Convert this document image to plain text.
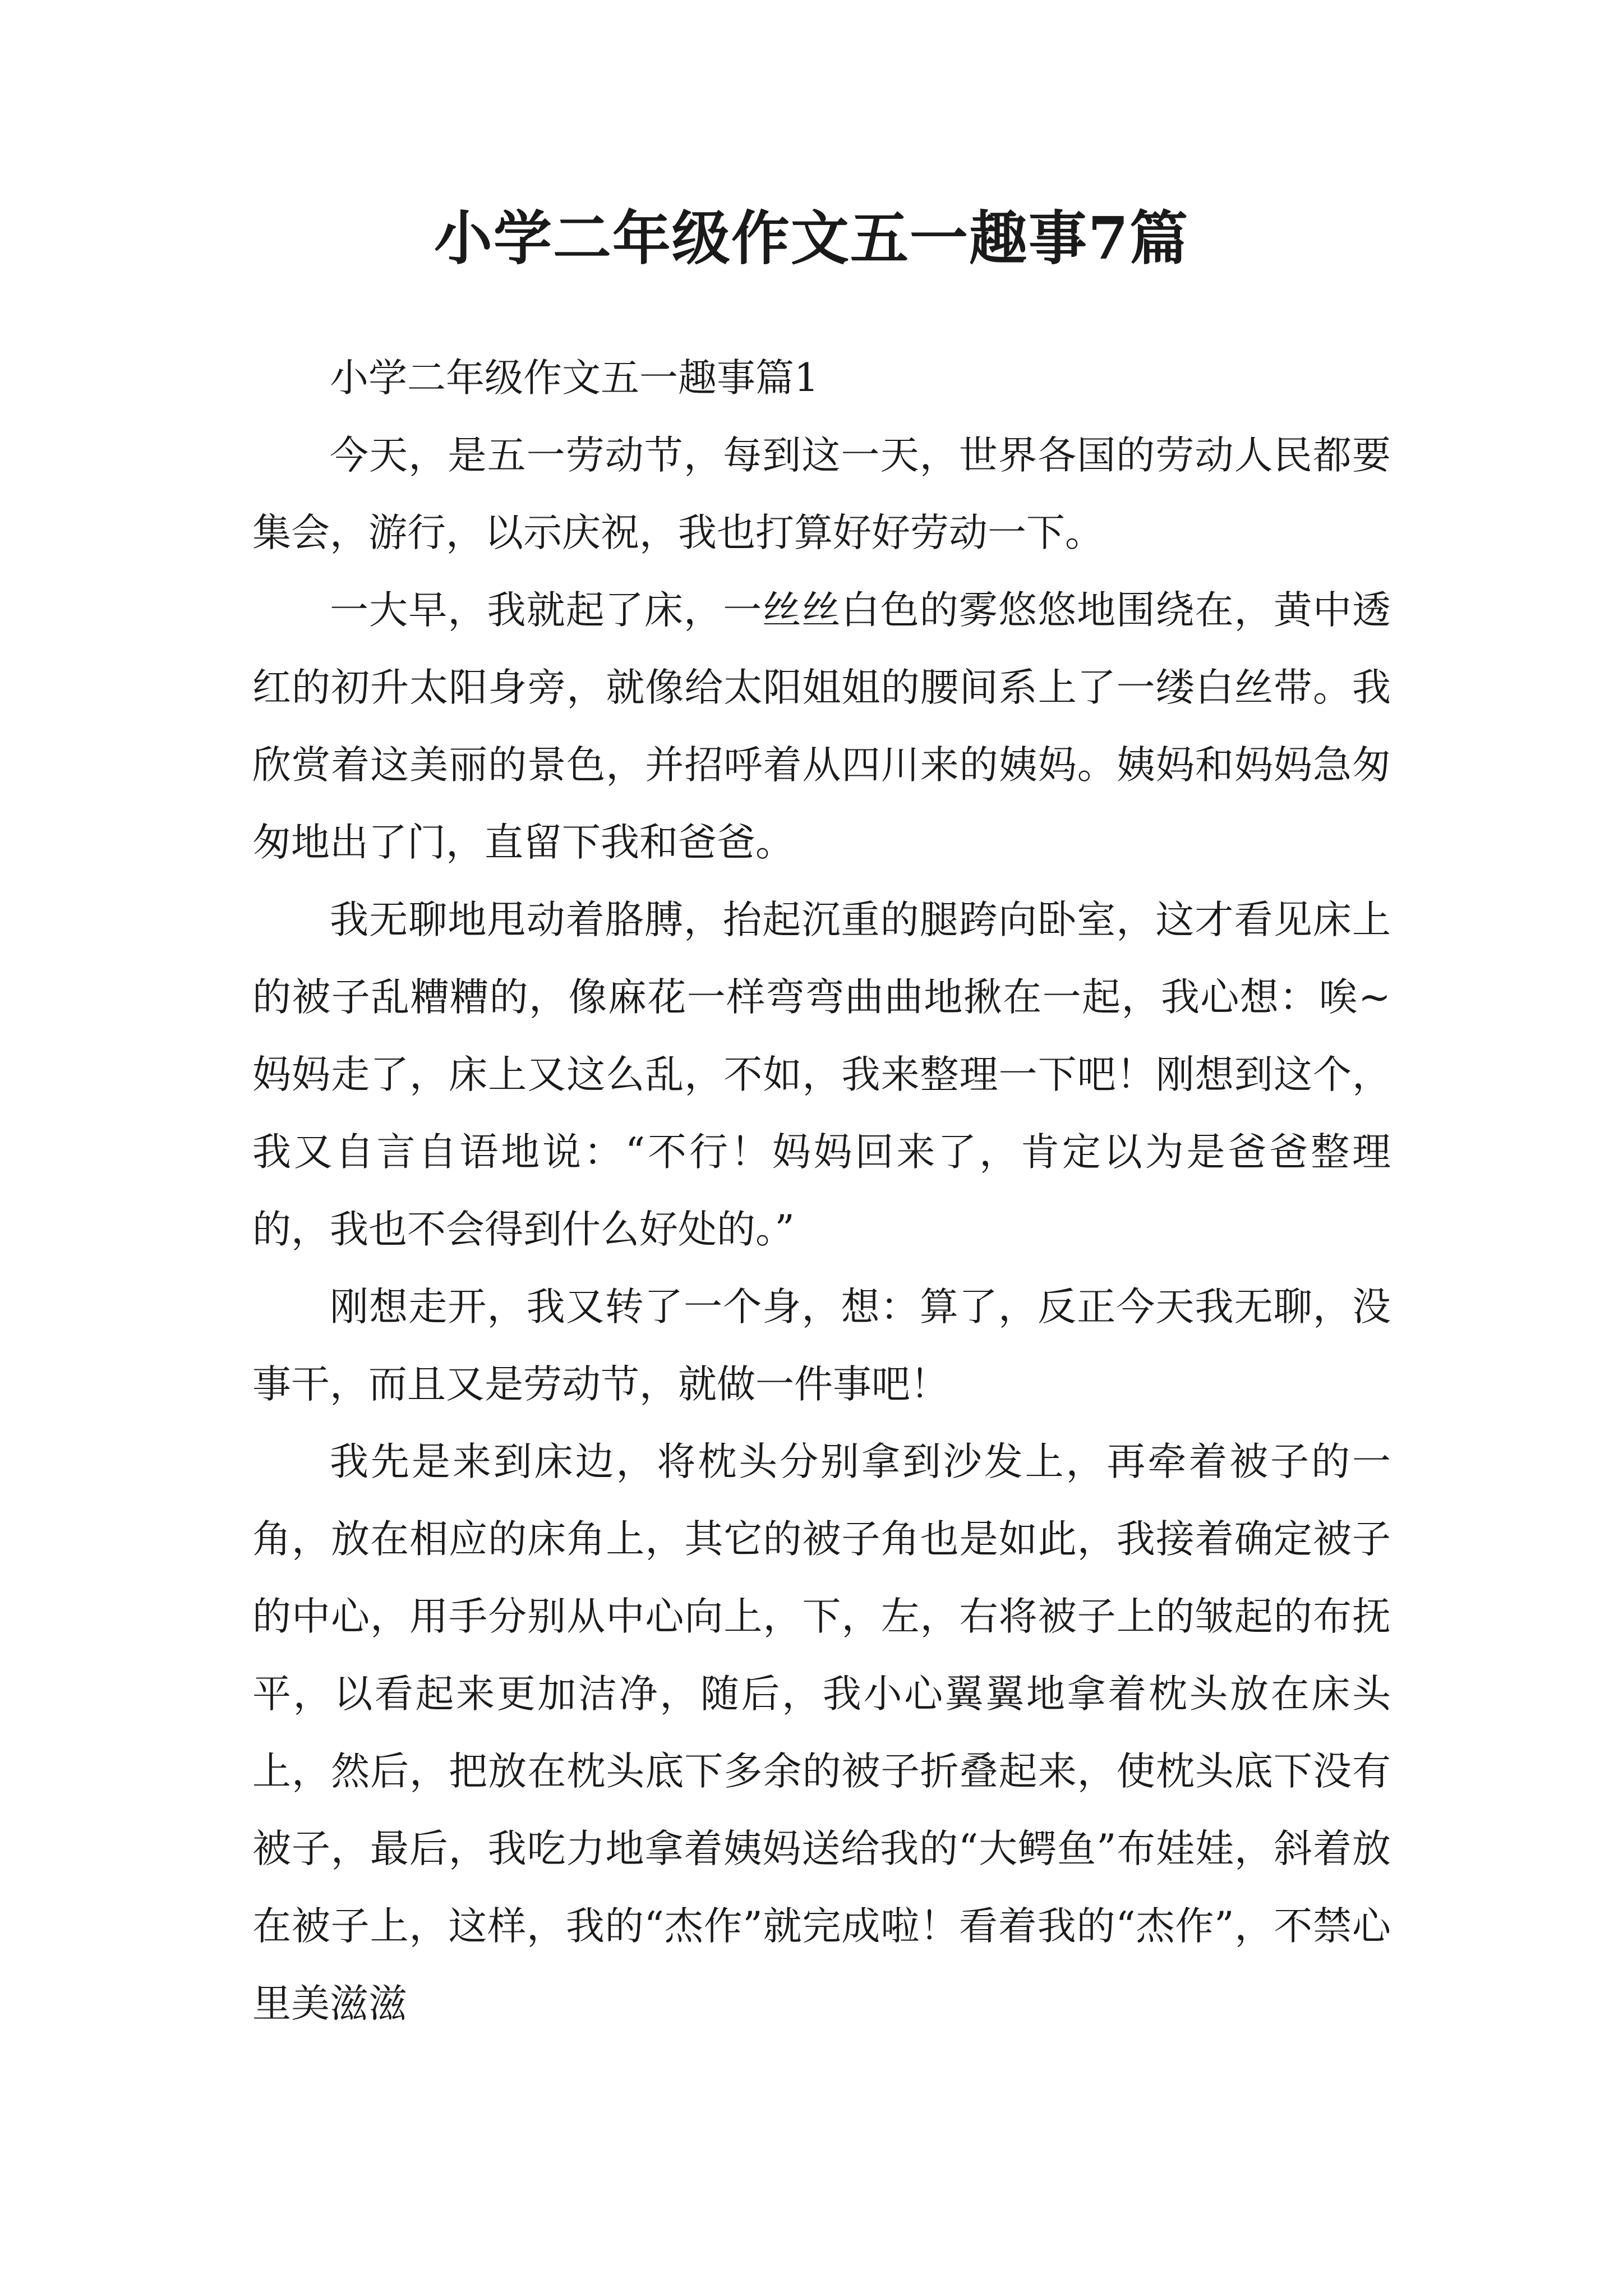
小学二年级作文五一趣事7篇

小学二年级作文五一趣事篇1

今天，是五一劳动节，每到这一天，世界各国的劳动人民都要集会，游行，以示庆祝，我也打算好好劳动一下。

一大早，我就起了床，一丝丝白色的雾悠悠地围绕在，黄中透红的初升太阳身旁，就像给太阳姐姐的腰间系上了一缕白丝带。我欣赏着这美丽的景色，并招呼着从四川来的姨妈。姨妈和妈妈急匆匆地出了门，直留下我和爸爸。

我无聊地甩动着胳膊，抬起沉重的腿跨向卧室，这才看见床上的被子乱糟糟的，像麻花一样弯弯曲曲地揪在一起，我心想：唉~妈妈走了，床上又这么乱，不如，我来整理一下吧！刚想到这个，我又自言自语地说：“不行！妈妈回来了，肯定以为是爸爸整理的，我也不会得到什么好处的。”

刚想走开，我又转了一个身，想：算了，反正今天我无聊，没事干，而且又是劳动节，就做一件事吧！

我先是来到床边，将枕头分别拿到沙发上，再牵着被子的一角，放在相应的床角上，其它的被子角也是如此，我接着确定被子的中心，用手分别从中心向上，下，左，右将被子上的皱起的布抚平，以看起来更加洁净，随后，我小心翼翼地拿着枕头放在床头上，然后，把放在枕头底下多余的被子折叠起来，使枕头底下没有被子，最后，我吃力地拿着姨妈送给我的“大鳄鱼”布娃娃，斜着放在被子上，这样，我的“杰作”就完成啦！看着我的“杰作”，不禁心里美滋滋
